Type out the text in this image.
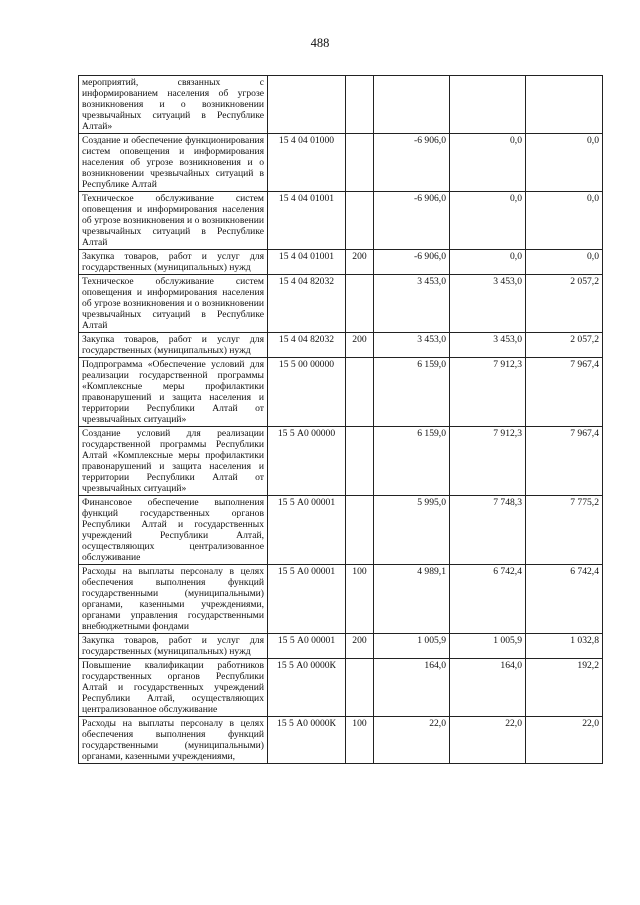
488
мероприятий, связанных с информированием населения об угрозе возникновения и о возникновении чрезвычайных ситуаций в Республике Алтай»					
Создание и обеспечение функционирования систем оповещения и информирования населения об угрозе возникновения и о возникновении чрезвычайных ситуаций в Республике Алтай	15 4 04 01000		-6 906,0	0,0	0,0
Техническое обслуживание систем оповещения и информирования населения об угрозе возникновения и о возникновении чрезвычайных ситуаций в Республике Алтай	15 4 04 01001		-6 906,0	0,0	0,0
Закупка товаров, работ и услуг для государственных (муниципальных) нужд	15 4 04 01001	200	-6 906,0	0,0	0,0
Техническое обслуживание систем оповещения и информирования населения об угрозе возникновения и о возникновении чрезвычайных ситуаций в Республике Алтай	15 4 04 82032		3 453,0	3 453,0	2 057,2
Закупка товаров, работ и услуг для государственных (муниципальных) нужд	15 4 04 82032	200	3 453,0	3 453,0	2 057,2
Подпрограмма «Обеспечение условий для реализации государственной программы «Комплексные меры профилактики правонарушений и защита населения и территории Республики Алтай от чрезвычайных ситуаций»	15 5 00 00000		6 159,0	7 912,3	7 967,4
Создание условий для реализации государственной программы Республики Алтай «Комплексные меры профилактики правонарушений и защита населения и территории Республики Алтай от чрезвычайных ситуаций»	15 5 А0 00000		6 159,0	7 912,3	7 967,4
Финансовое обеспечение выполнения функций государственных органов Республики Алтай и государственных учреждений Республики Алтай, осуществляющих централизованное обслуживание	15 5 А0 00001		5 995,0	7 748,3	7 775,2
Расходы на выплаты персоналу в целях обеспечения выполнения функций государственными (муниципальными) органами, казенными учреждениями, органами управления государственными внебюджетными фондами	15 5 А0 00001	100	4 989,1	6 742,4	6 742,4
Закупка товаров, работ и услуг для государственных (муниципальных) нужд	15 5 А0 00001	200	1 005,9	1 005,9	1 032,8
Повышение квалификации работников государственных органов Республики Алтай и государственных учреждений Республики Алтай, осуществляющих централизованное обслуживание	15 5 А0 0000К		164,0	164,0	192,2
Расходы на выплаты персоналу в целях обеспечения выполнения функций государственными (муниципальными) органами, казенными учреждениями,	15 5 А0 0000К	100	22,0	22,0	22,0
